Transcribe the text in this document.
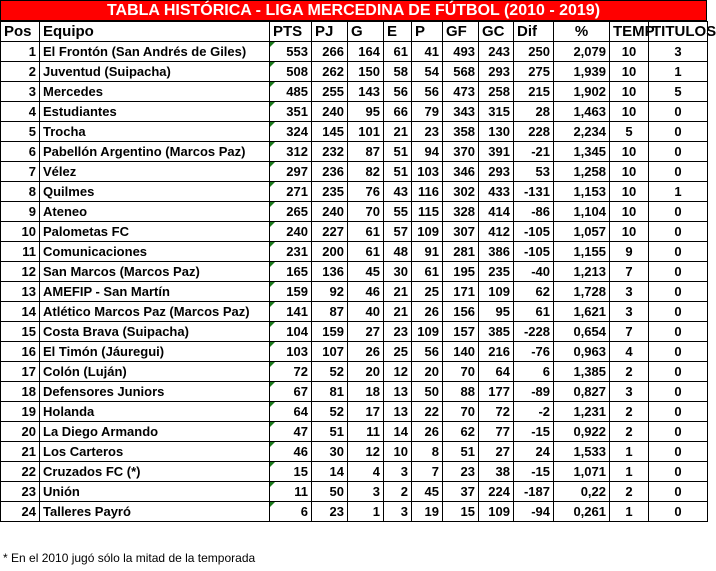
TABLA HISTÓRICA - LIGA MERCEDINA DE FÚTBOL (2010 - 2019)
Pos	Equipo	PTS	PJ	G	E	P	GF	GC	Dif	%	TEMP	TITULOS
1	El Frontón (San Andrés de Giles)	553	266	164	61	41	493	243	250	2,079	10	3
2	Juventud (Suipacha)	508	262	150	58	54	568	293	275	1,939	10	1
3	Mercedes	485	255	143	56	56	473	258	215	1,902	10	5
4	Estudiantes	351	240	95	66	79	343	315	28	1,463	10	0
5	Trocha	324	145	101	21	23	358	130	228	2,234	5	0
6	Pabellón Argentino (Marcos Paz)	312	232	87	51	94	370	391	-21	1,345	10	0
7	Vélez	297	236	82	51	103	346	293	53	1,258	10	0
8	Quilmes	271	235	76	43	116	302	433	-131	1,153	10	1
9	Ateneo	265	240	70	55	115	328	414	-86	1,104	10	0
10	Palometas FC	240	227	61	57	109	307	412	-105	1,057	10	0
11	Comunicaciones	231	200	61	48	91	281	386	-105	1,155	9	0
12	San Marcos (Marcos Paz)	165	136	45	30	61	195	235	-40	1,213	7	0
13	AMEFIP - San Martín	159	92	46	21	25	171	109	62	1,728	3	0
14	Atlético Marcos Paz (Marcos Paz)	141	87	40	21	26	156	95	61	1,621	3	0
15	Costa Brava (Suipacha)	104	159	27	23	109	157	385	-228	0,654	7	0
16	El Timón (Jáuregui)	103	107	26	25	56	140	216	-76	0,963	4	0
17	Colón (Luján)	72	52	20	12	20	70	64	6	1,385	2	0
18	Defensores Juniors	67	81	18	13	50	88	177	-89	0,827	3	0
19	Holanda	64	52	17	13	22	70	72	-2	1,231	2	0
20	La Diego Armando	47	51	11	14	26	62	77	-15	0,922	2	0
21	Los Carteros	46	30	12	10	8	51	27	24	1,533	1	0
22	Cruzados FC (*)	15	14	4	3	7	23	38	-15	1,071	1	0
23	Unión	11	50	3	2	45	37	224	-187	0,22	2	0
24	Talleres Payró	6	23	1	3	19	15	109	-94	0,261	1	0
* En el 2010 jugó sólo la mitad de la temporada
